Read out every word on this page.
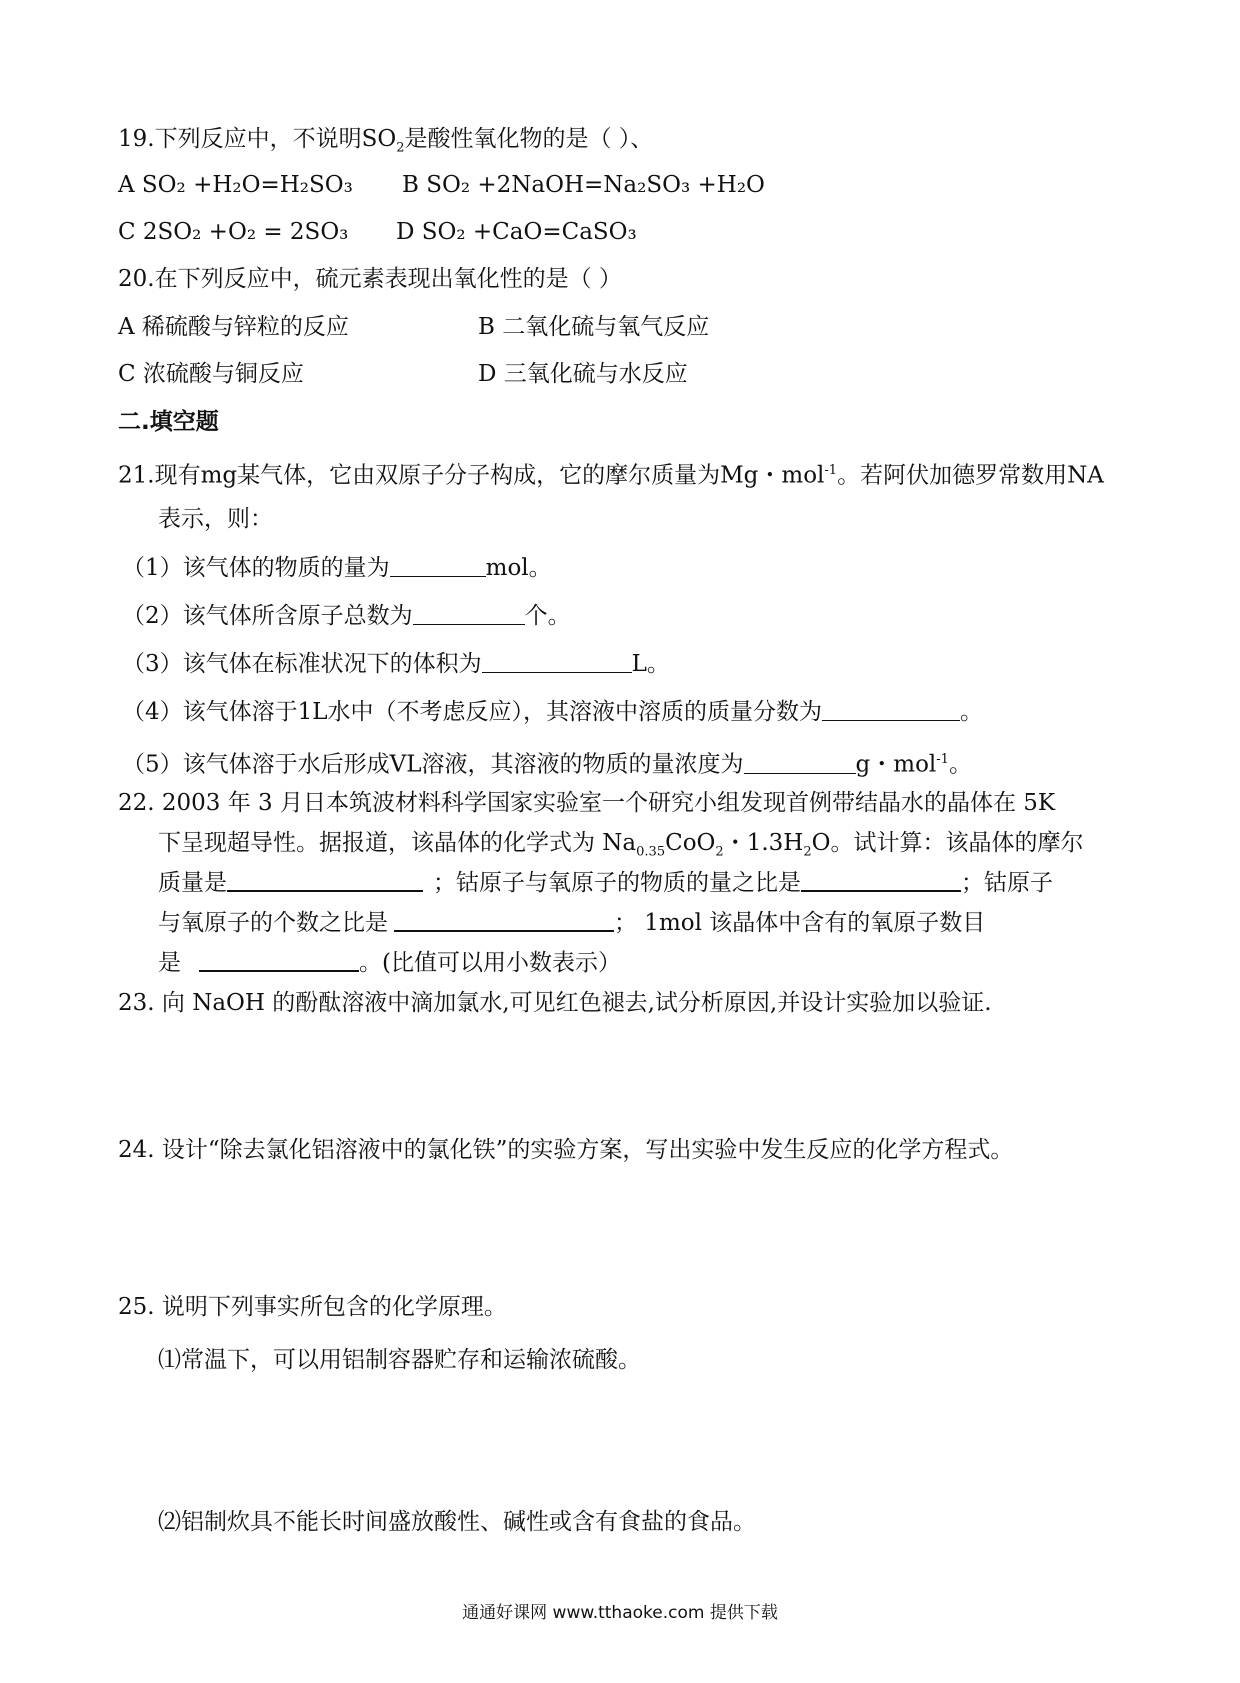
19.下列反应中，不说明$SO_2$是酸性氧化物的是（ ）、
A SO₂ +H₂O=H₂SO₃ B SO₂ +2NaOH=Na₂SO₃ +H₂O
C 2SO₂ +O₂ = 2SO₃ D SO₂ +CaO=CaSO₃
20.在下列反应中，硫元素表现出氧化性的是（ ）
A 稀硫酸与锌粒的反应	B 二氧化硫与氧气反应
C 浓硫酸与铜反应	D 三氧化硫与水反应
二.填空题
21.现有mg某气体，它由双原子分子构成，它的摩尔质量为Mg・mol$^{-1}$。若阿伏加德罗常数用NA
表示，则：
（1）该气体的物质的量为	mol。
（2）该气体所含原子总数为	个。
（3）该气体在标准状况下的体积为	L。
（4）该气体溶于1L水中（不考虑反应），其溶液中溶质的质量分数为	。
（5）该气体溶于水后形成VL溶液，其溶液的物质的量浓度为	g・mol$^{-1}$。
22. 2003 年 3 月日本筑波材料科学国家实验室一个研究小组发现首例带结晶水的晶体在 5K
下呈现超导性。据报道，该晶体的化学式为 $Na_{0.35}CoO_2$・$1.3H_2O$。试计算：该晶体的摩尔
质量是	；钴原子与氧原子的物质的量之比是	；钴原子
与氧原子的个数之比是	； 1mol 该晶体中含有的氧原子数目
是	。(比值可以用小数表示）
23. 向 NaOH 的酚酞溶液中滴加氯水,可见红色褪去,试分析原因,并设计实验加以验证.
24. 设计“除去氯化铝溶液中的氯化铁”的实验方案，写出实验中发生反应的化学方程式。
25. 说明下列事实所包含的化学原理。
⑴常温下，可以用铝制容器贮存和运输浓硫酸。
⑵铝制炊具不能长时间盛放酸性、碱性或含有食盐的食品。
通通好课网 www.tthaoke.com 提供下载
